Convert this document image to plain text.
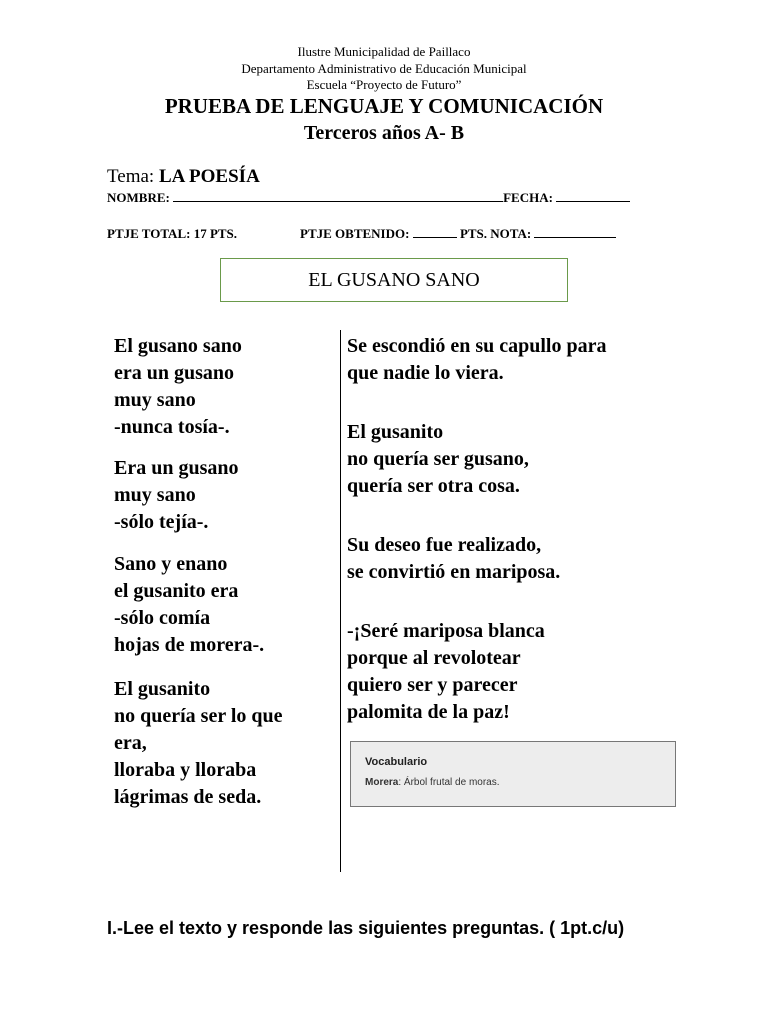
Ilustre Municipalidad de Paillaco
Departamento Administrativo de Educación Municipal
Escuela “Proyecto de Futuro”
PRUEBA DE LENGUAJE Y COMUNICACIÓN
Terceros años A- B
Tema: LA POESÍA
NOMBRE:	FECHA:
PTJE TOTAL: 17 PTS.	PTJE OBTENIDO:	PTS. NOTA:
EL GUSANO SANO
El gusano sano
era un gusano
muy sano
-nunca tosía-.
Era un gusano
muy sano
-sólo tejía-.
Sano y enano
el gusanito era
-sólo comía
hojas de morera-.
El gusanito
no quería ser lo que
era,
lloraba y lloraba
lágrimas de seda.
Se escondió en su capullo para
que nadie lo viera.
El gusanito
no quería ser gusano,
quería ser otra cosa.
Su deseo fue realizado,
se convirtió en mariposa.
-¡Seré mariposa blanca
porque al revolotear
quiero ser y parecer
palomita de la paz!
Vocabulario
Morera: Árbol frutal de moras.
I.-Lee el texto y responde las siguientes preguntas. ( 1pt.c/u)
